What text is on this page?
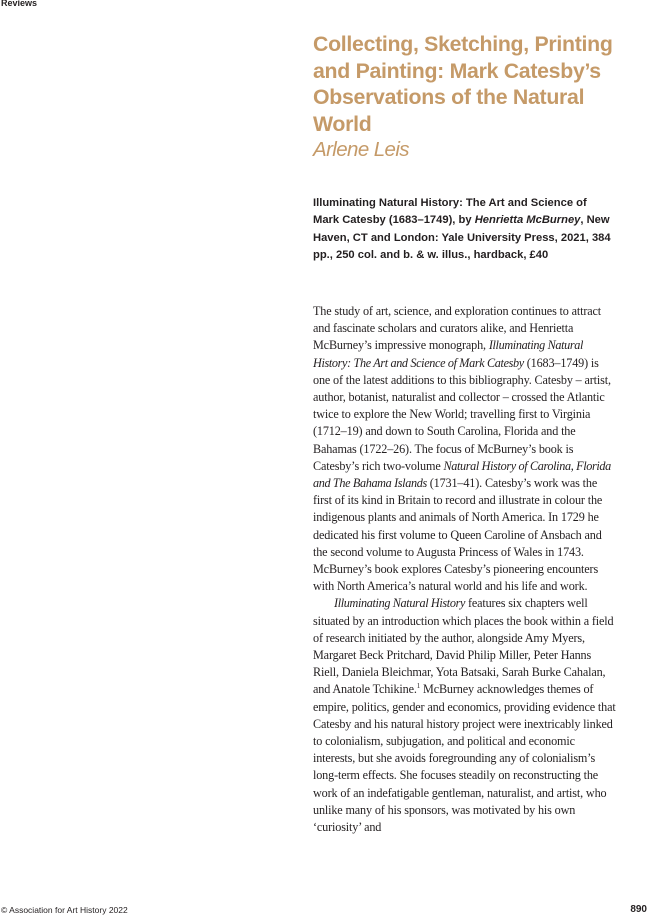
Reviews
Collecting, Sketching, Printing and Painting: Mark Catesby’s Observations of the Natural World

Arlene Leis

Illuminating Natural History: The Art and Science of Mark Catesby (1683–1749), by Henrietta McBurney, New Haven, CT and London: Yale University Press, 2021, 384 pp., 250 col. and b. & w. illus., hardback, £40

The study of art, science, and exploration continues to attract and fascinate scholars and curators alike, and Henrietta McBurney’s impressive monograph, Illuminating Natural History: The Art and Science of Mark Catesby (1683–1749) is one of the latest additions to this bibliography. Catesby – artist, author, botanist, naturalist and collector – crossed the Atlantic twice to explore the New World; travelling first to Virginia (1712–19) and down to South Carolina, Florida and the Bahamas (1722–26). The focus of McBurney’s book is Catesby’s rich two-volume Natural History of Carolina, Florida and The Bahama Islands (1731–41). Catesby’s work was the first of its kind in Britain to record and illustrate in colour the indigenous plants and animals of North America. In 1729 he dedicated his first volume to Queen Caroline of Ansbach and the second volume to Augusta Princess of Wales in 1743. McBurney’s book explores Catesby’s pioneering encounters with North America’s natural world and his life and work.

Illuminating Natural History features six chapters well situated by an introduction which places the book within a field of research initiated by the author, alongside Amy Myers, Margaret Beck Pritchard, David Philip Miller, Peter Hanns Riell, Daniela Bleichmar, Yota Batsaki, Sarah Burke Cahalan, and Anatole Tchikine.$^1$ McBurney acknowledges themes of empire, politics, gender and economics, providing evidence that Catesby and his natural history project were inextricably linked to colonialism, subjugation, and political and economic interests, but she avoids foregrounding any of colonialism’s long-term effects. She focuses steadily on reconstructing the work of an indefatigable gentleman, naturalist, and artist, who unlike many of his sponsors, was motivated by his own ‘curiosity’ and

© Association for Art History 2022	890
